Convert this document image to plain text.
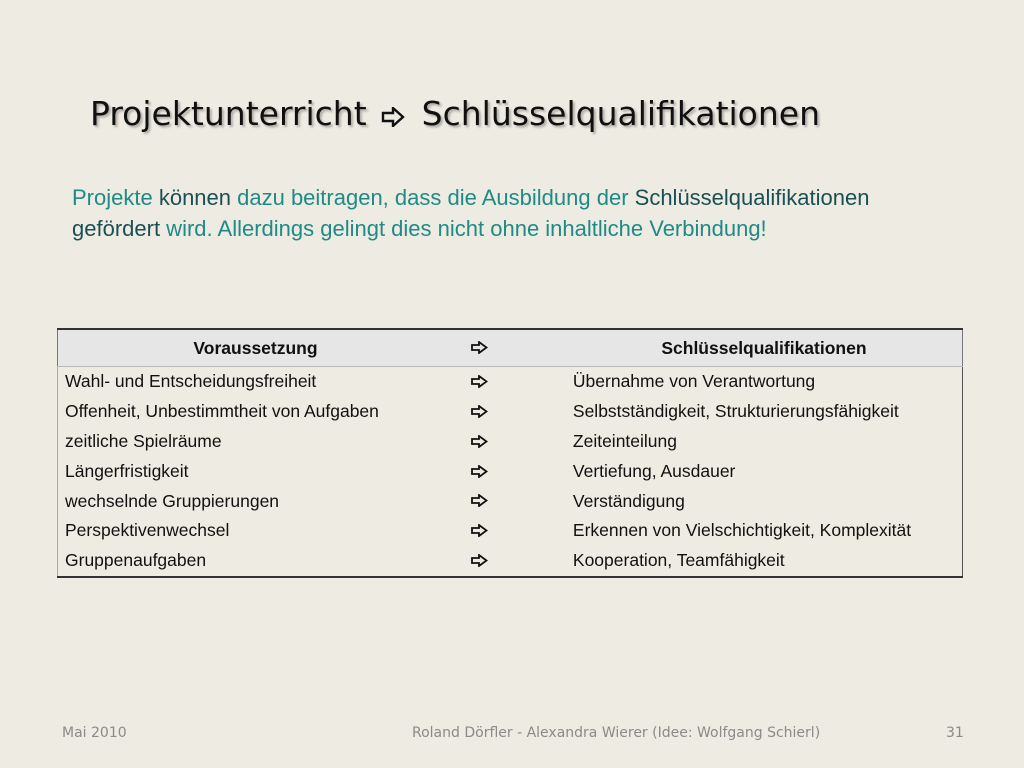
Projektunterricht Schlüsselqualifikationen
Projekte können dazu beitragen, dass die Ausbildung der Schlüsselqualifikationen gefördert wird. Allerdings gelingt dies nicht ohne inhaltliche Verbindung!
Voraussetzung		Schlüsselqualifikationen
Wahl- und Entscheidungsfreiheit		Übernahme von Verantwortung
Offenheit, Unbestimmtheit von Aufgaben		Selbstständigkeit, Strukturierungsfähigkeit
zeitliche Spielräume		Zeiteinteilung
Längerfristigkeit		Vertiefung, Ausdauer
wechselnde Gruppierungen		Verständigung
Perspektivenwechsel		Erkennen von Vielschichtigkeit, Komplexität
Gruppenaufgaben		Kooperation, Teamfähigkeit
Mai 2010	Roland Dörfler - Alexandra Wierer (Idee: Wolfgang Schierl)	31
